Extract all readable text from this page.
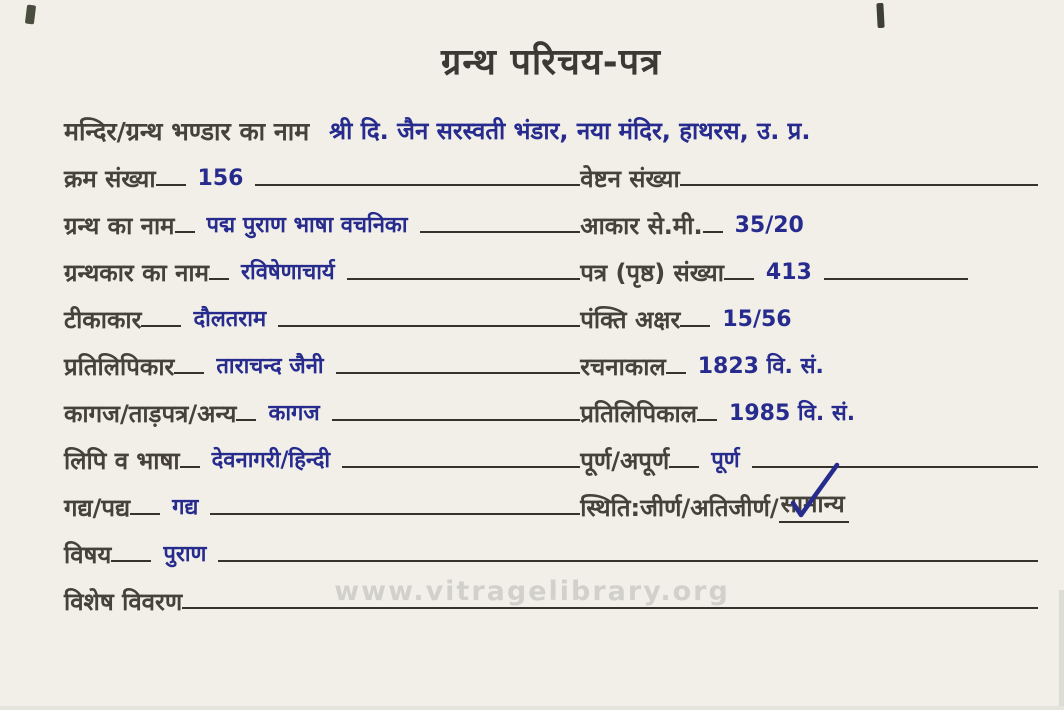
ग्रन्थ परिचय-पत्र
मन्दिर/ग्रन्थ भण्डार का नाम श्री दि. जैन सरस्वती भंडार, नया मंदिर, हाथरस, उ. प्र.
क्रम संख्या 156	वेष्टन संख्या
ग्रन्थ का नाम पद्म पुराण भाषा वचनिका	आकार से.मी. 35/20
ग्रन्थकार का नाम रविषेणाचार्य	पत्र (पृष्ठ) संख्या 413
टीकाकार दौलतराम	पंक्ति अक्षर 15/56
प्रतिलिपिकार ताराचन्द जैनी	रचनाकाल 1823 वि. सं.
कागज/ताड़पत्र/अन्य कागज	प्रतिलिपिकाल 1985 वि. सं.
लिपि व भाषा देवनागरी/हिन्दी	पूर्ण/अपूर्ण पूर्ण
गद्य/पद्य गद्य	स्थिति:जीर्ण/अतिजीर्ण/ सामान्य
विषय पुराण
विशेष विवरण	www.vitragelibrary.org
